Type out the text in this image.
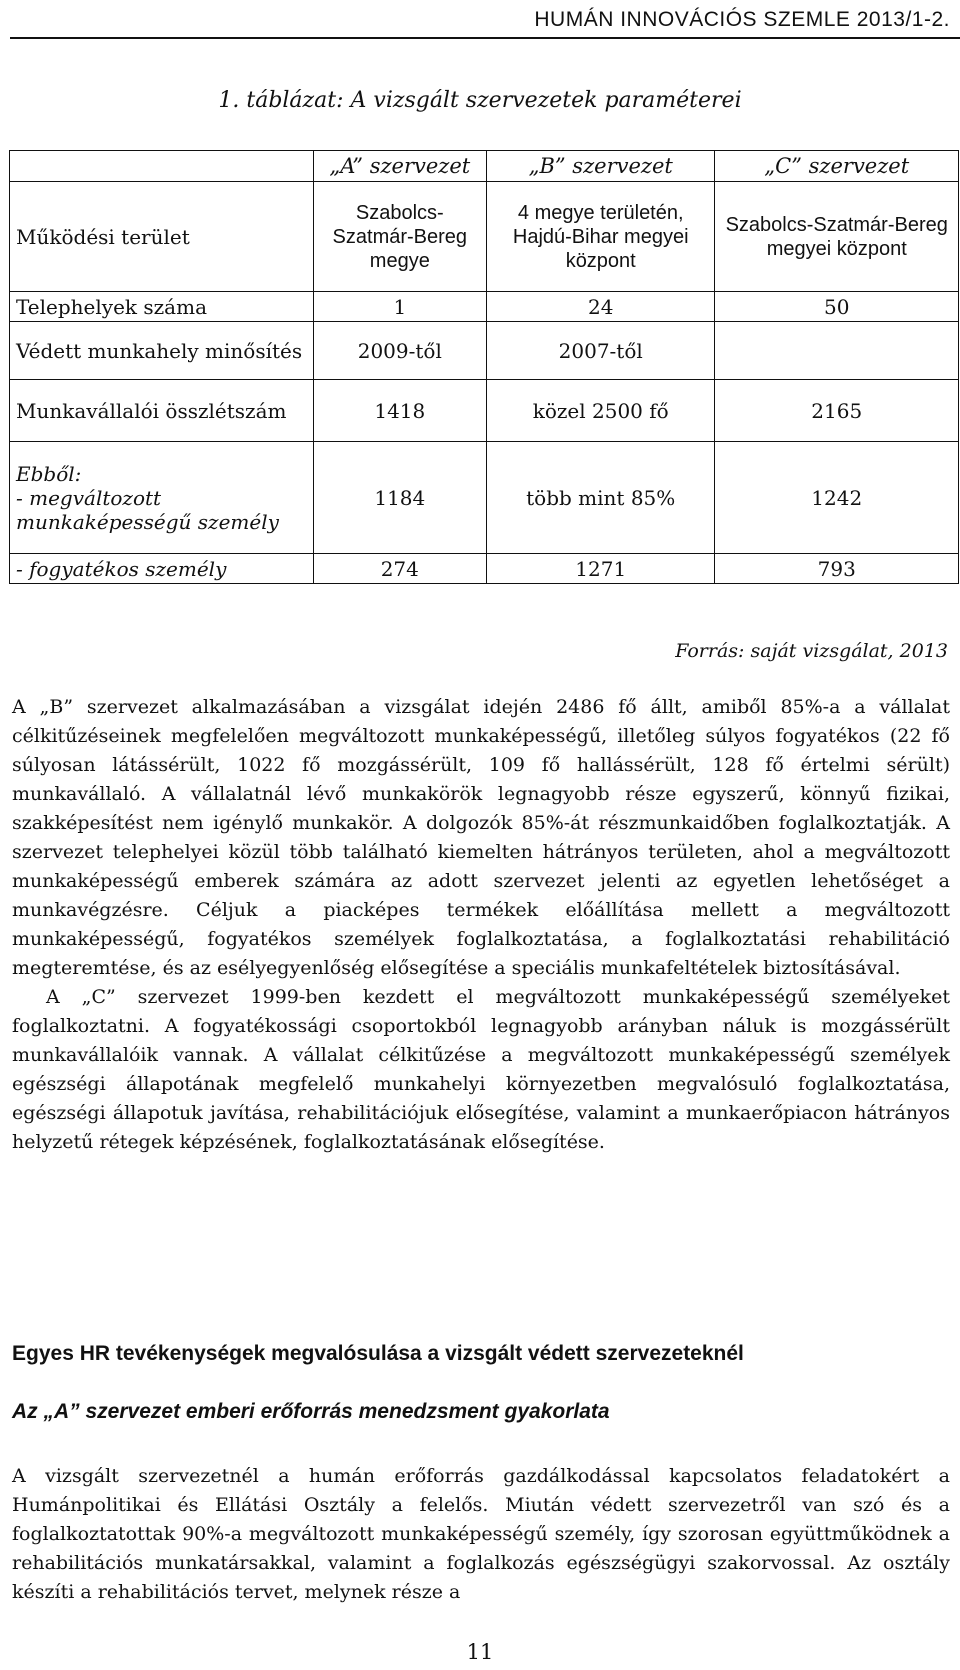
HUMÁN INNOVÁCIÓS SZEMLE 2013/1-2.
1. táblázat: A vizsgált szervezetek paraméterei
	„A” szervezet	„B” szervezet	„C” szervezet
Működési terület	Szabolcs-Szatmár-Bereg megye	4 megye területén, Hajdú-Bihar megyei központ	Szabolcs-Szatmár-Bereg megyei központ
Telephelyek száma	1	24	50
Védett munkahely minősítés	2009-től	2007-től	
Munkavállalói összlétszám	1418	közel 2500 fő	2165

Ebből:
- megváltozott munkaképességű személy	1184	több mint 85%	1242
- fogyatékos személy	274	1271	793
Forrás: saját vizsgálat, 2013

A „B” szervezet alkalmazásában a vizsgálat idején 2486 fő állt, amiből 85%-a a vállalat célkitűzéseinek megfelelően megváltozott munkaképességű, illetőleg súlyos fogyatékos (22 fő súlyosan látássérült, 1022 fő mozgássérült, 109 fő hallássérült, 128 fő értelmi sérült) munkavállaló. A vállalatnál lévő munkakörök legnagyobb része egyszerű, könnyű fizikai, szakképesítést nem igénylő munkakör. A dolgozók 85%-át részmunkaidőben foglalkoztatják. A szervezet telephelyei közül több található kiemelten hátrányos területen, ahol a megváltozott munkaképességű emberek számára az adott szervezet jelenti az egyetlen lehetőséget a munkavégzésre. Céljuk a piacképes termékek előállítása mellett a megváltozott munkaképességű, fogyatékos személyek foglalkoztatása, a foglalkoztatási rehabilitáció megteremtése, és az esélyegyenlőség elősegítése a speciális munkafeltételek biztosításával.

A „C” szervezet 1999-ben kezdett el megváltozott munkaképességű személyeket foglalkoztatni. A fogyatékossági csoportokból legnagyobb arányban náluk is mozgássérült munkavállalóik vannak. A vállalat célkitűzése a megváltozott munkaképességű személyek egészségi állapotának megfelelő munkahelyi környezetben megvalósuló foglalkoztatása, egészségi állapotuk javítása, rehabilitációjuk elősegítése, valamint a munkaerőpiacon hátrányos helyzetű rétegek képzésének, foglalkoztatásának elősegítése.

Egyes HR tevékenységek megvalósulása a vizsgált védett szervezeteknél
Az „A” szervezet emberi erőforrás menedzsment gyakorlata

A vizsgált szervezetnél a humán erőforrás gazdálkodással kapcsolatos feladatokért a Humánpolitikai és Ellátási Osztály a felelős. Miután védett szervezetről van szó és a foglalkoztatottak 90%-a megváltozott munkaképességű személy, így szorosan együttműködnek a rehabilitációs munkatársakkal, valamint a foglalkozás egészségügyi szakorvossal. Az osztály készíti a rehabilitációs tervet, melynek része a

11
